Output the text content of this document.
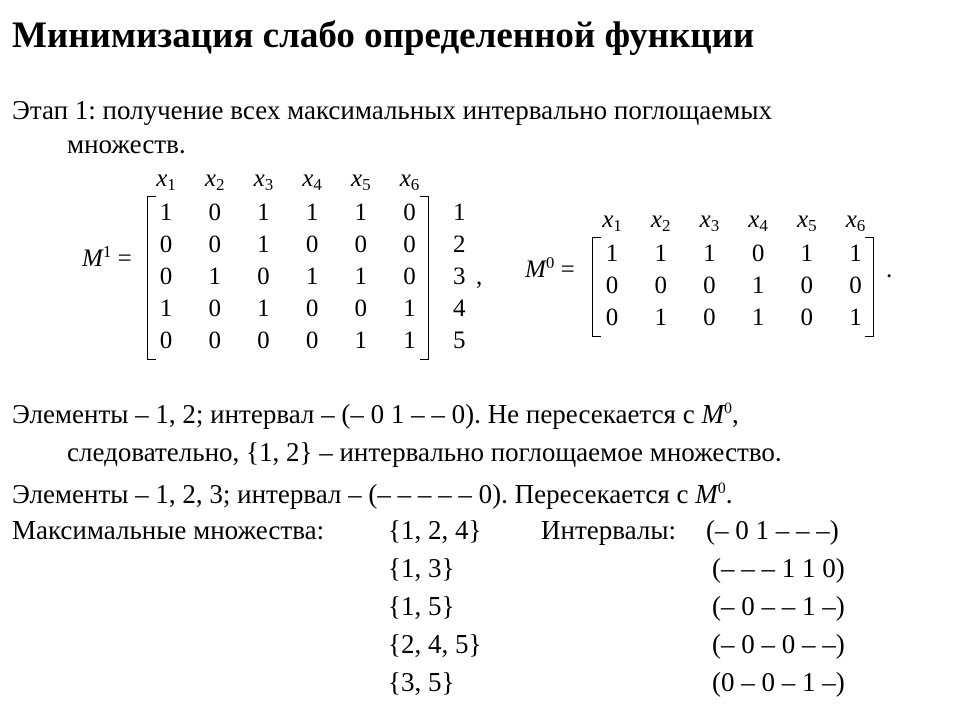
Минимизация слабо определенной функции
Этап 1: получение всех максимальных интервально поглощаемых
множеств.
$M^1$ =
$x_1$	$x_2$	$x_3$	$x_4$	$x_5$	$x_6$
1	0	1	1	1	0	1
0	0	1	0	0	0	2
0	1	0	1	1	0	3
1	0	1	0	0	1	4
0	0	0	0	1	1	5
, $M^0$ =
$x_1$	$x_2$	$x_3$	$x_4$	$x_5$	$x_6$
1	1	1	0	1	1
0	0	0	1	0	0
0	1	0	1	0	1
.
Элементы – 1, 2; интервал – (– 0 1 – – 0). Не пересекается с $M^0$,
следовательно, {1, 2} – интервально поглощаемое множество.
Элементы – 1, 2, 3; интервал – (– – – – – 0). Пересекается с $M^0$.
Максимальные множества:	Интервалы:
{1, 2, 4}	(– 0 1 – – –)
{1, 3}	(– – – 1 1 0)
{1, 5}	(– 0 – – 1 –)
{2, 4, 5}	(– 0 – 0 – –)
{3, 5}	(0 – 0 – 1 –)
